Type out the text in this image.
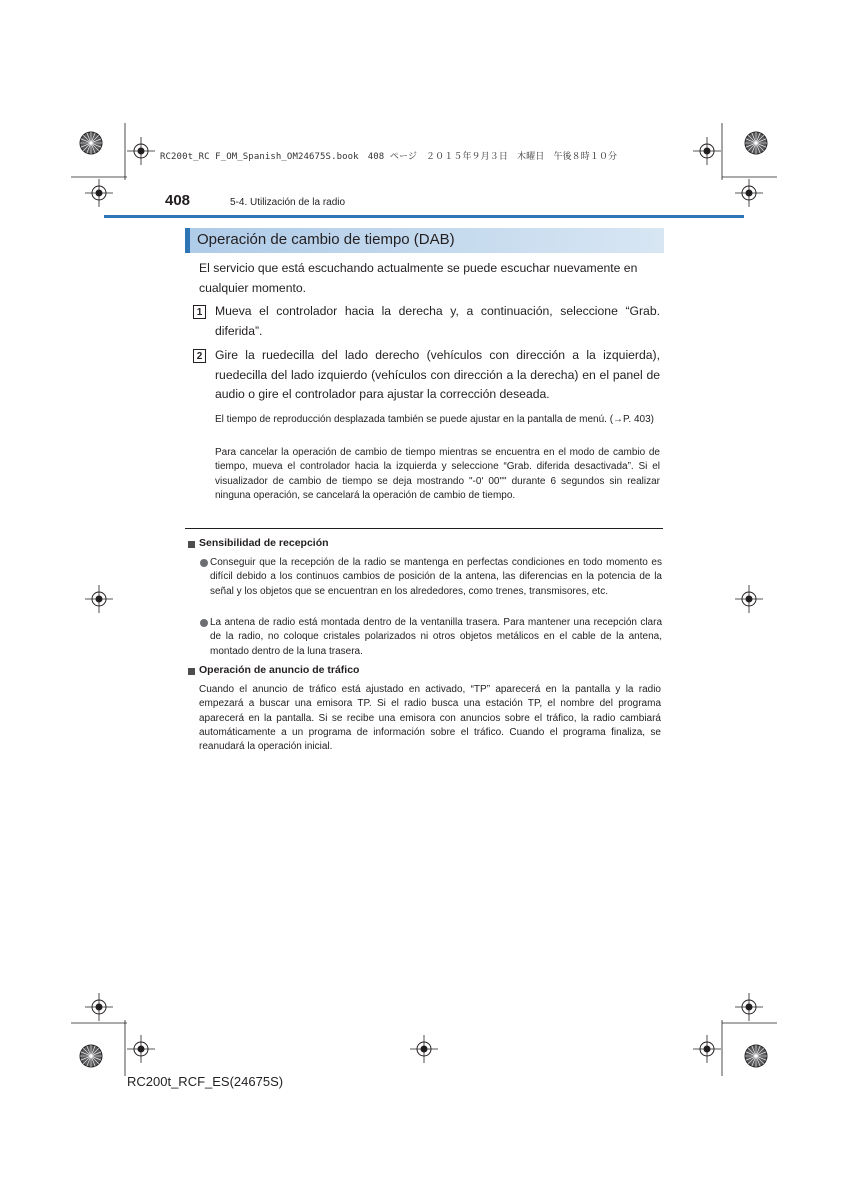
RC200t_RC F_OM_Spanish_OM24675S.book　408 ページ　２０１５年９月３日　木曜日　午後８時１０分
408	5-4. Utilización de la radio
Operación de cambio de tiempo (DAB)
El servicio que está escuchando actualmente se puede escuchar nuevamente en cualquier momento.
1	Mueva el controlador hacia la derecha y, a continuación, seleccione “Grab. diferida”.
2	Gire la ruedecilla del lado derecho (vehículos con dirección a la izquierda), ruedecilla del lado izquierdo (vehículos con dirección a la derecha) en el panel de audio o gire el controlador para ajustar la corrección deseada.
El tiempo de reproducción desplazada también se puede ajustar en la pantalla de menú. (→P. 403)
Para cancelar la operación de cambio de tiempo mientras se encuentra en el modo de cambio de tiempo, mueva el controlador hacia la izquierda y seleccione “Grab. diferida desactivada”. Si el visualizador de cambio de tiempo se deja mostrando "-0' 00"" durante 6 segundos sin realizar ninguna operación, se cancelará la operación de cambio de tiempo.
Sensibilidad de recepción
Conseguir que la recepción de la radio se mantenga en perfectas condiciones en todo momento es difícil debido a los continuos cambios de posición de la antena, las diferencias en la potencia de la señal y los objetos que se encuentran en los alrededores, como trenes, transmisores, etc.
La antena de radio está montada dentro de la ventanilla trasera. Para mantener una recepción clara de la radio, no coloque cristales polarizados ni otros objetos metálicos en el cable de la antena, montado dentro de la luna trasera.
Operación de anuncio de tráfico
Cuando el anuncio de tráfico está ajustado en activado, “TP” aparecerá en la pantalla y la radio empezará a buscar una emisora TP. Si el radio busca una estación TP, el nombre del programa aparecerá en la pantalla. Si se recibe una emisora con anuncios sobre el tráfico, la radio cambiará automáticamente a un programa de información sobre el tráfico. Cuando el programa finaliza, se reanudará la operación inicial.
RC200t_RCF_ES(24675S)
